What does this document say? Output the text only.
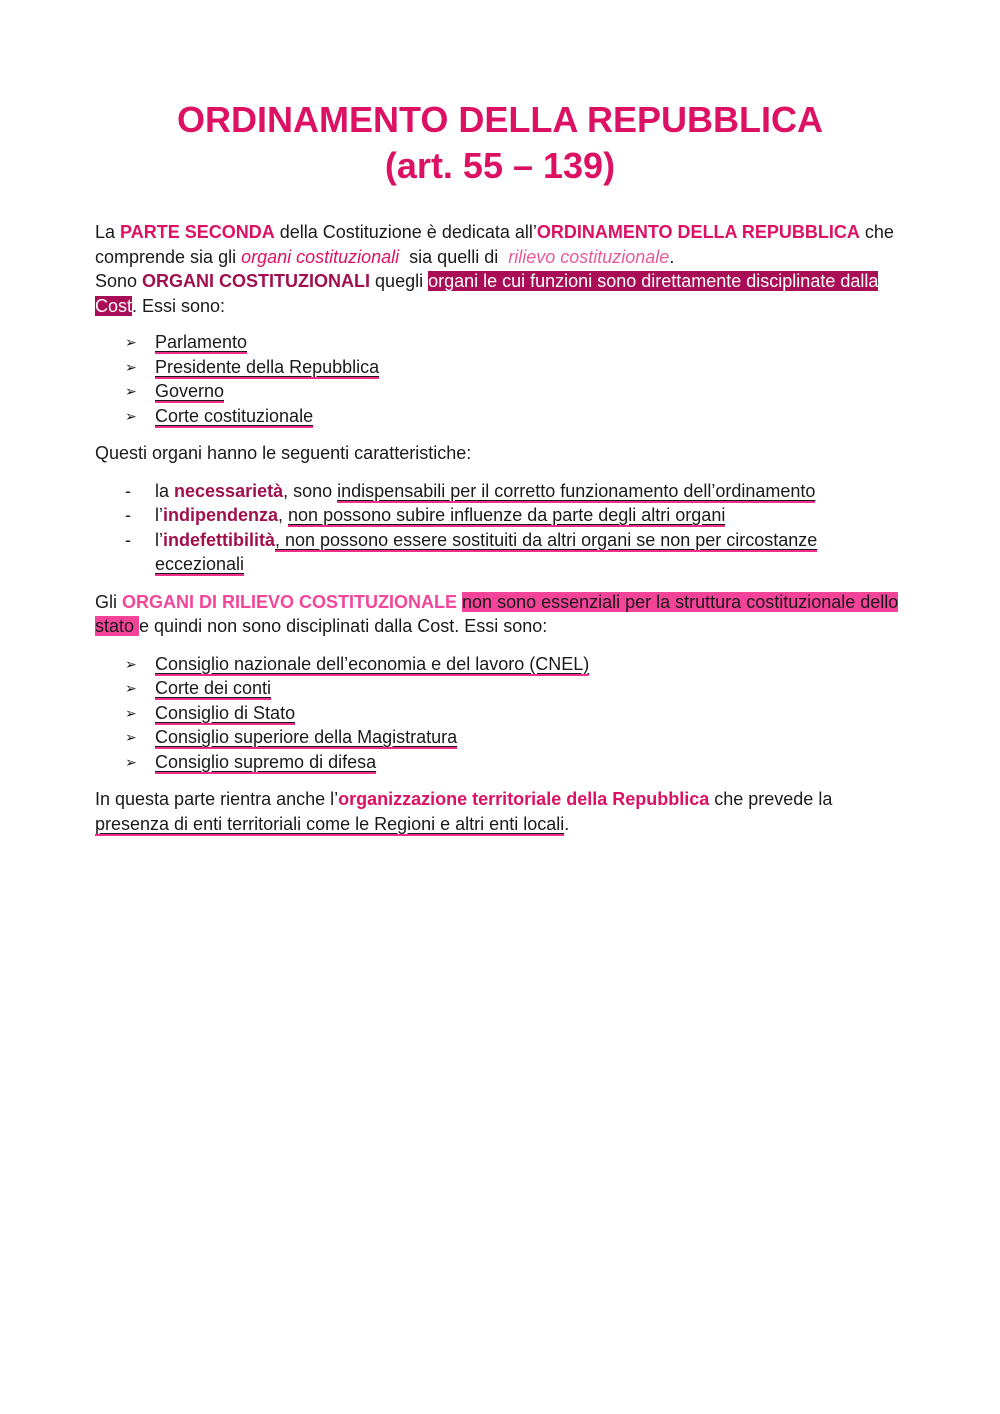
ORDINAMENTO DELLA REPUBBLICA
(art. 55 – 139)

La PARTE SECONDA della Costituzione è dedicata all’ORDINAMENTO DELLA REPUBBLICA che comprende sia gli organi costituzionali  sia quelli di  rilievo costituzionale.

Sono ORGANI COSTITUZIONALI quegli organi le cui funzioni sono direttamente disciplinate dalla Cost. Essi sono:

➢	Parlamento
➢	Presidente della Repubblica
➢	Governo
➢	Corte costituzionale

Questi organi hanno le seguenti caratteristiche:

- la necessarietà, sono indispensabili per il corretto funzionamento dell’ordinamento
- l’indipendenza, non possono subire influenze da parte degli altri organi
- l’indefettibilità, non possono essere sostituiti da altri organi se non per circostanze eccezionali

Gli ORGANI DI RILIEVO COSTITUZIONALE non sono essenziali per la struttura costituzionale dello stato e quindi non sono disciplinati dalla Cost. Essi sono:

➢	Consiglio nazionale dell’economia e del lavoro (CNEL)
➢	Corte dei conti
➢	Consiglio di Stato
➢	Consiglio superiore della Magistratura
➢	Consiglio supremo di difesa

In questa parte rientra anche l’organizzazione territoriale della Repubblica che prevede la presenza di enti territoriali come le Regioni e altri enti locali.
